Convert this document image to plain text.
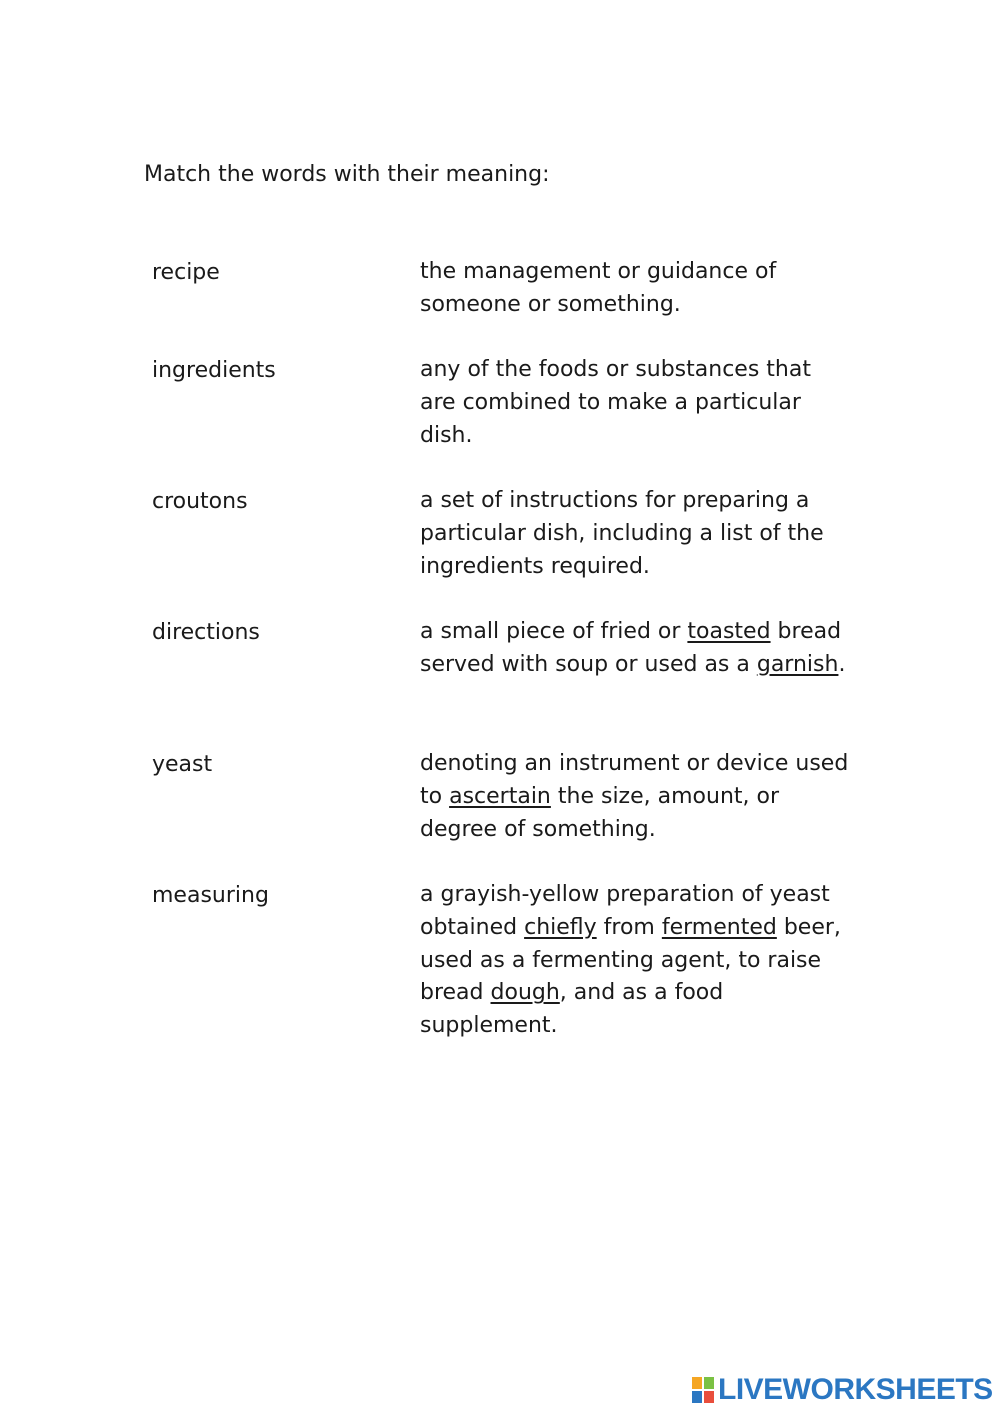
Match the words with their meaning:
recipe	the management or guidance of
someone or something.
ingredients	any of the foods or substances that
are combined to make a particular
dish.
croutons	a set of instructions for preparing a
particular dish, including a list of the
ingredients required.
directions	a small piece of fried or toasted bread
served with soup or used as a garnish.
yeast	denoting an instrument or device used
to ascertain the size, amount, or
degree of something.
measuring	a grayish-yellow preparation of yeast
obtained chiefly from fermented beer,
used as a fermenting agent, to raise
bread dough, and as a food
supplement.
LIVEWORKSHEETS
